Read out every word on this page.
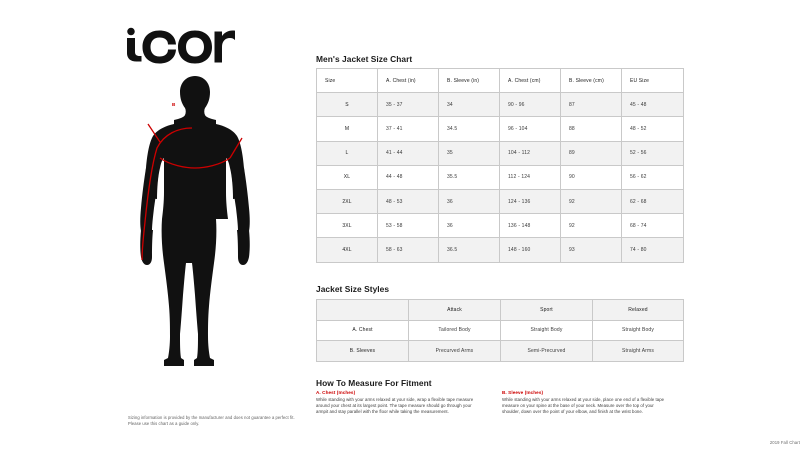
B
Sizing information is provided by the manufacturer and does not guarantee a perfect fit. Please use this chart as a guide only.
Men's Jacket Size Chart
Size	A. Chest (in)	B. Sleeve (in)	A. Chest (cm)	B. Sleeve (cm)	EU Size
S	35 - 37	34	90 - 96	87	45 - 48
M	37 - 41	34.5	96 - 104	88	48 - 52
L	41 - 44	35	104 - 112	89	52 - 56
XL	44 - 48	35.5	112 - 124	90	56 - 62
2XL	48 - 53	36	124 - 136	92	62 - 68
3XL	53 - 58	36	136 - 148	92	68 - 74
4XL	58 - 63	36.5	148 - 160	93	74 - 80
Jacket Size Styles
	Attack	Sport	Relaxed
A. Chest	Tailored Body	Straight Body	Straight Body
B. Sleeves	Precurved Arms	Semi-Precurved	Straight Arms
How To Measure For Fitment
A. Chest (Inches)
While standing with your arms relaxed at your side, wrap a flexible tape measure around your chest at its largest point. The tape measure should go through your armpit and stay parallel with the floor while taking the measurement.
B. Sleeve (Inches)
While standing with your arms relaxed at your side, place one end of a flexible tape measure on your spine at the base of your neck. Measure over the top of your shoulder, down over the point of your elbow, and finish at the wrist bone.
2019 Fall Chart
